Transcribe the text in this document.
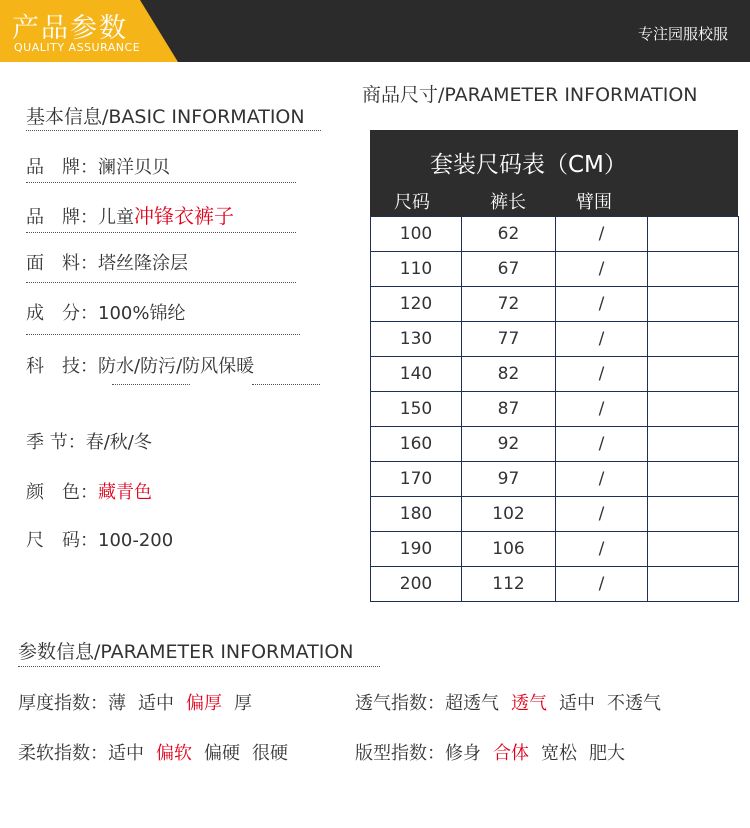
产品参数
QUALITY ASSURANCE
专注园服校服
基本信息/BASIC INFORMATION
品　牌：澜洋贝贝
品　牌：儿童冲锋衣裤子
面　料：塔丝隆涂层
成　分：100%锦纶
科　技：防水/防污/防风保暖
季 节：春/秋/冬
颜　色：藏青色
尺　码：100-200
商品尺寸/PARAMETER INFORMATION
套装尺码表（CM）
尺码	裤长	臂围
100	62	/	
110	67	/	
120	72	/	
130	77	/	
140	82	/	
150	87	/	
160	92	/	
170	97	/	
180	102	/	
190	106	/	
200	112	/	
参数信息/PARAMETER INFORMATION
厚度指数：薄 适中 偏厚 厚	透气指数：超透气 透气 适中 不透气
柔软指数：适中 偏软 偏硬 很硬	版型指数：修身 合体 宽松 肥大
